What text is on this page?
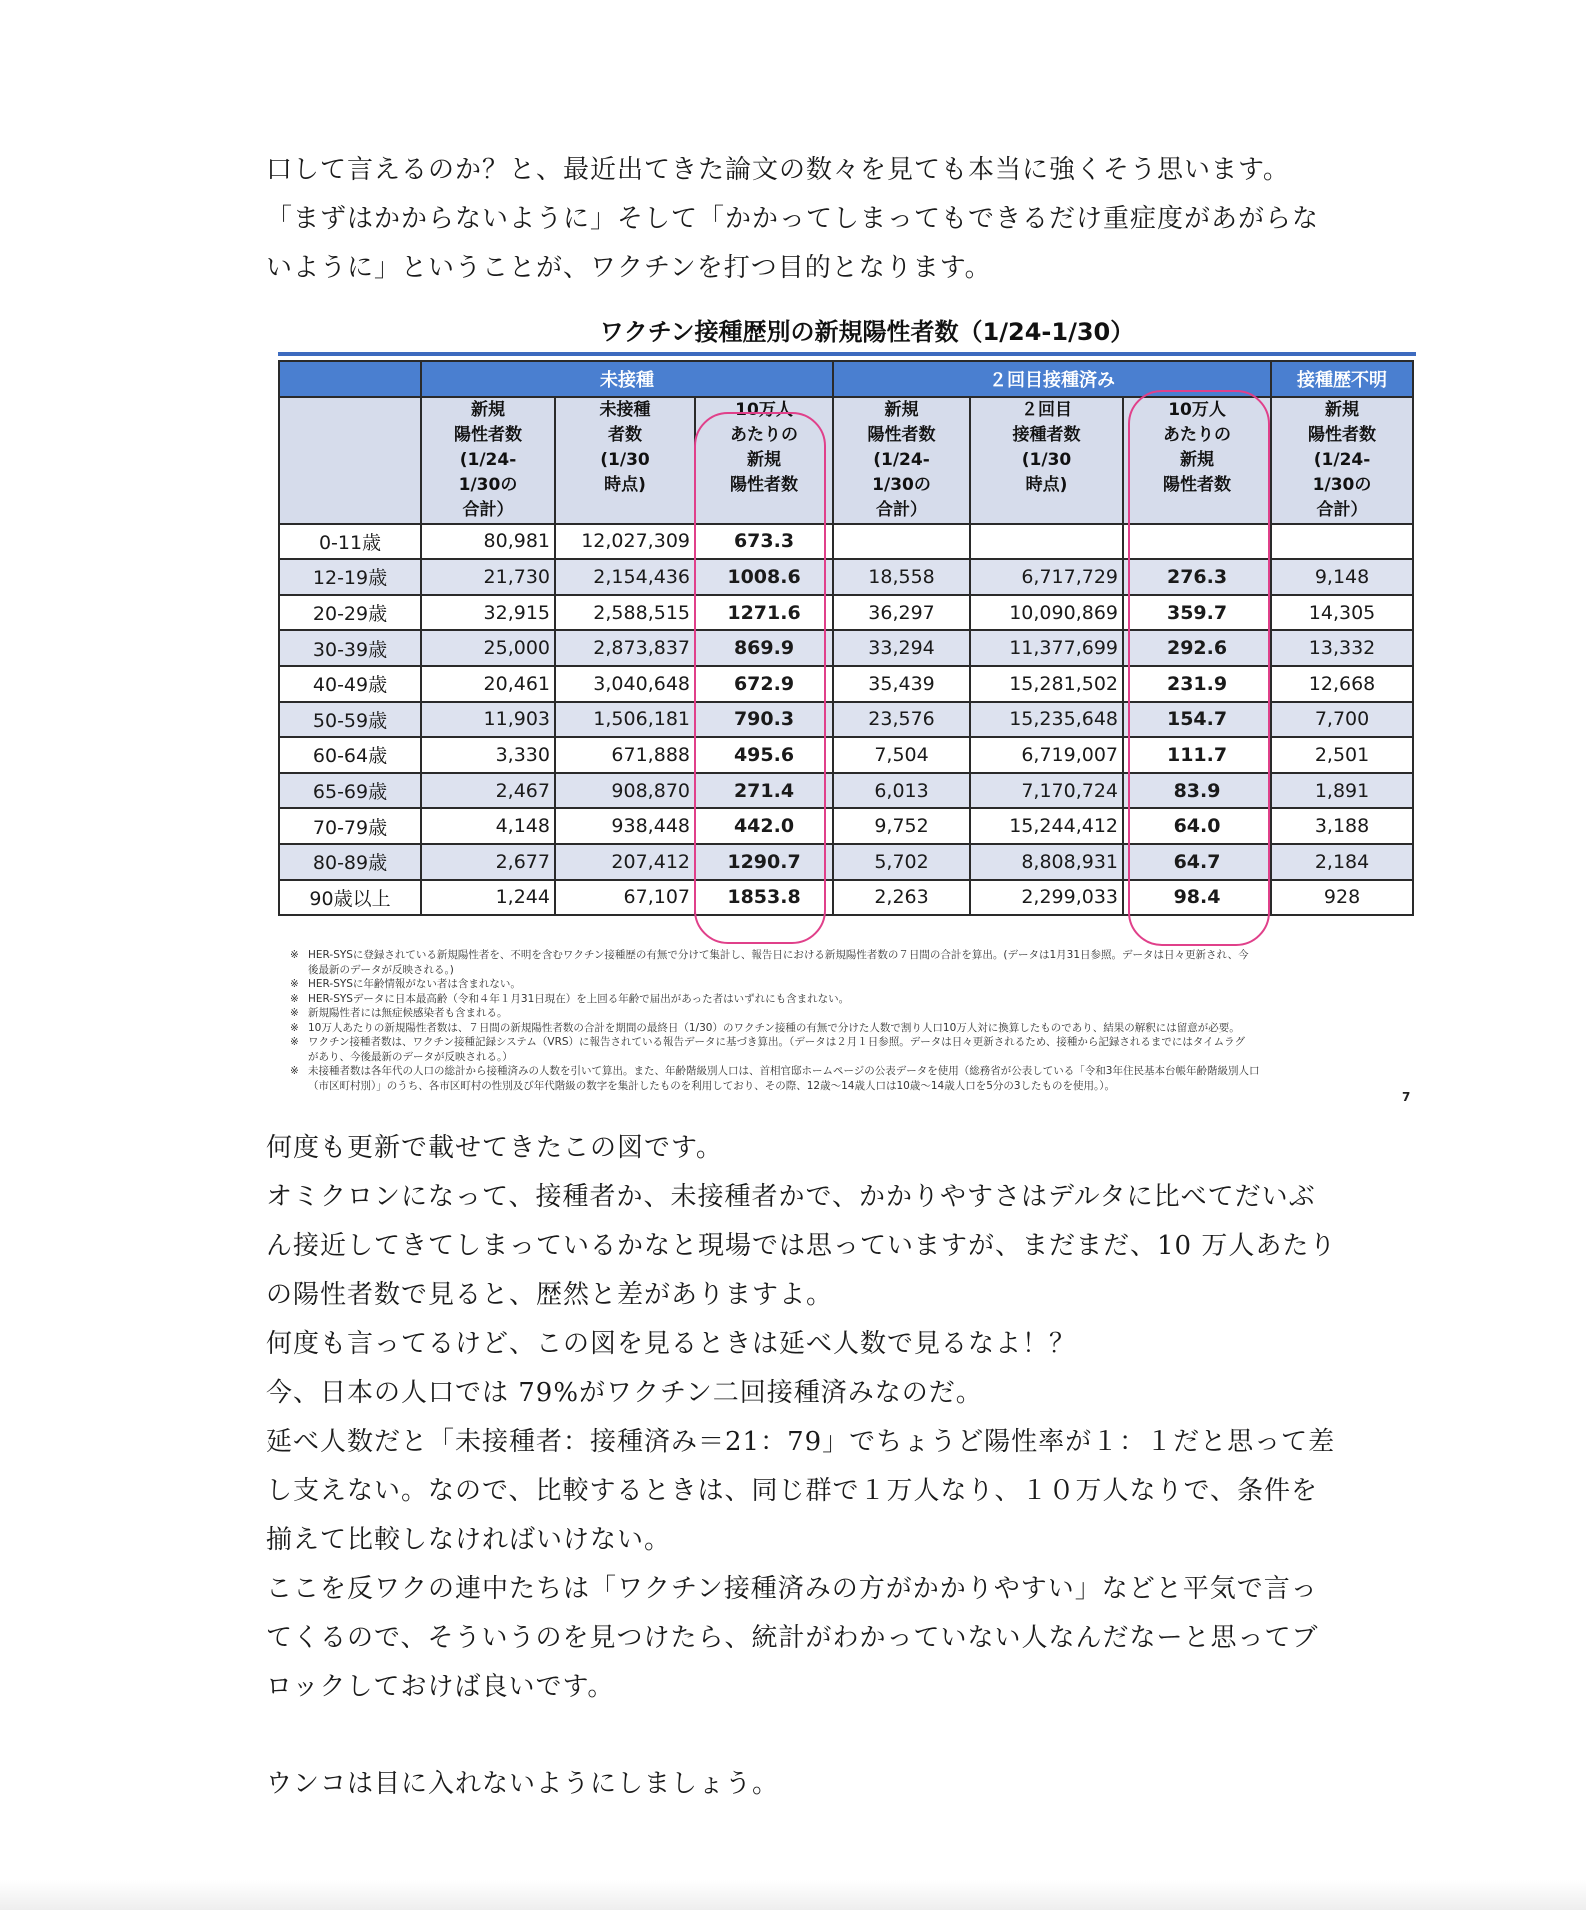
口して言えるのか？と、最近出てきた論文の数々を見ても本当に強くそう思います。

「まずはかからないように」そして「かかってしまってもできるだけ重症度があがらな

いように」ということが、ワクチンを打つ目的となります。

ワクチン接種歴別の新規陽性者数（1/24-1/30）
	未接種			２回目接種済み			接種歴不明
	新規
陽性者数
(1/24-
1/30の
合計）	未接種
者数
(1/30
時点)	10万人
あたりの
新規
陽性者数	新規
陽性者数
(1/24-
1/30の
合計）	２回目
接種者数
(1/30
時点)	10万人
あたりの
新規
陽性者数	新規
陽性者数
(1/24-
1/30の
合計）
0-11歳	80,981	12,027,309	673.3				
12-19歳	21,730	2,154,436	1008.6	18,558	6,717,729	276.3	9,148
20-29歳	32,915	2,588,515	1271.6	36,297	10,090,869	359.7	14,305
30-39歳	25,000	2,873,837	869.9	33,294	11,377,699	292.6	13,332
40-49歳	20,461	3,040,648	672.9	35,439	15,281,502	231.9	12,668
50-59歳	11,903	1,506,181	790.3	23,576	15,235,648	154.7	7,700
60-64歳	3,330	671,888	495.6	7,504	6,719,007	111.7	2,501
65-69歳	2,467	908,870	271.4	6,013	7,170,724	83.9	1,891
70-79歳	4,148	938,448	442.0	9,752	15,244,412	64.0	3,188
80-89歳	2,677	207,412	1290.7	5,702	8,808,931	64.7	2,184
90歳以上	1,244	67,107	1853.8	2,263	2,299,033	98.4	928
※ HER-SYSに登録されている新規陽性者を、不明を含むワクチン接種歴の有無で分けて集計し、報告日における新規陽性者数の７日間の合計を算出。(データは1月31日参照。データは日々更新され、今
後最新のデータが反映される。)
※ HER-SYSに年齢情報がない者は含まれない。
※ HER-SYSデータに日本最高齢（令和４年１月31日現在）を上回る年齢で届出があった者はいずれにも含まれない。
※ 新規陽性者には無症候感染者も含まれる。
※ 10万人あたりの新規陽性者数は、７日間の新規陽性者数の合計を期間の最終日（1/30）のワクチン接種の有無で分けた人数で割り人口10万人対に換算したものであり、結果の解釈には留意が必要。
※ ワクチン接種者数は、ワクチン接種記録システム（VRS）に報告されている報告データに基づき算出。（データは２月１日参照。データは日々更新されるため、接種から記録されるまでにはタイムラグ
があり、今後最新のデータが反映される。）
※ 未接種者数は各年代の人口の総計から接種済みの人数を引いて算出。また、年齢階級別人口は、首相官邸ホームページの公表データを使用（総務省が公表している「令和3年住民基本台帳年齢階級別人口
（市区町村別）」のうち、各市区町村の性別及び年代階級の数字を集計したものを利用しており、その際、12歳〜14歳人口は10歳〜14歳人口を5分の3したものを使用。）。
7

何度も更新で載せてきたこの図です。

オミクロンになって、接種者か、未接種者かで、かかりやすさはデルタに比べてだいぶ

ん接近してきてしまっているかなと現場では思っていますが、まだまだ、10 万人あたり

の陽性者数で見ると、歴然と差がありますよ。

何度も言ってるけど、この図を見るときは延べ人数で見るなよ！？

今、日本の人口では 79%がワクチン二回接種済みなのだ。

延べ人数だと「未接種者：接種済み＝21：79」でちょうど陽性率が１：１だと思って差

し支えない。なので、比較するときは、同じ群で１万人なり、１０万人なりで、条件を

揃えて比較しなければいけない。

ここを反ワクの連中たちは「ワクチン接種済みの方がかかりやすい」などと平気で言っ

てくるので、そういうのを見つけたら、統計がわかっていない人なんだなーと思ってブ

ロックしておけば良いです。

ウンコは目に入れないようにしましょう。
